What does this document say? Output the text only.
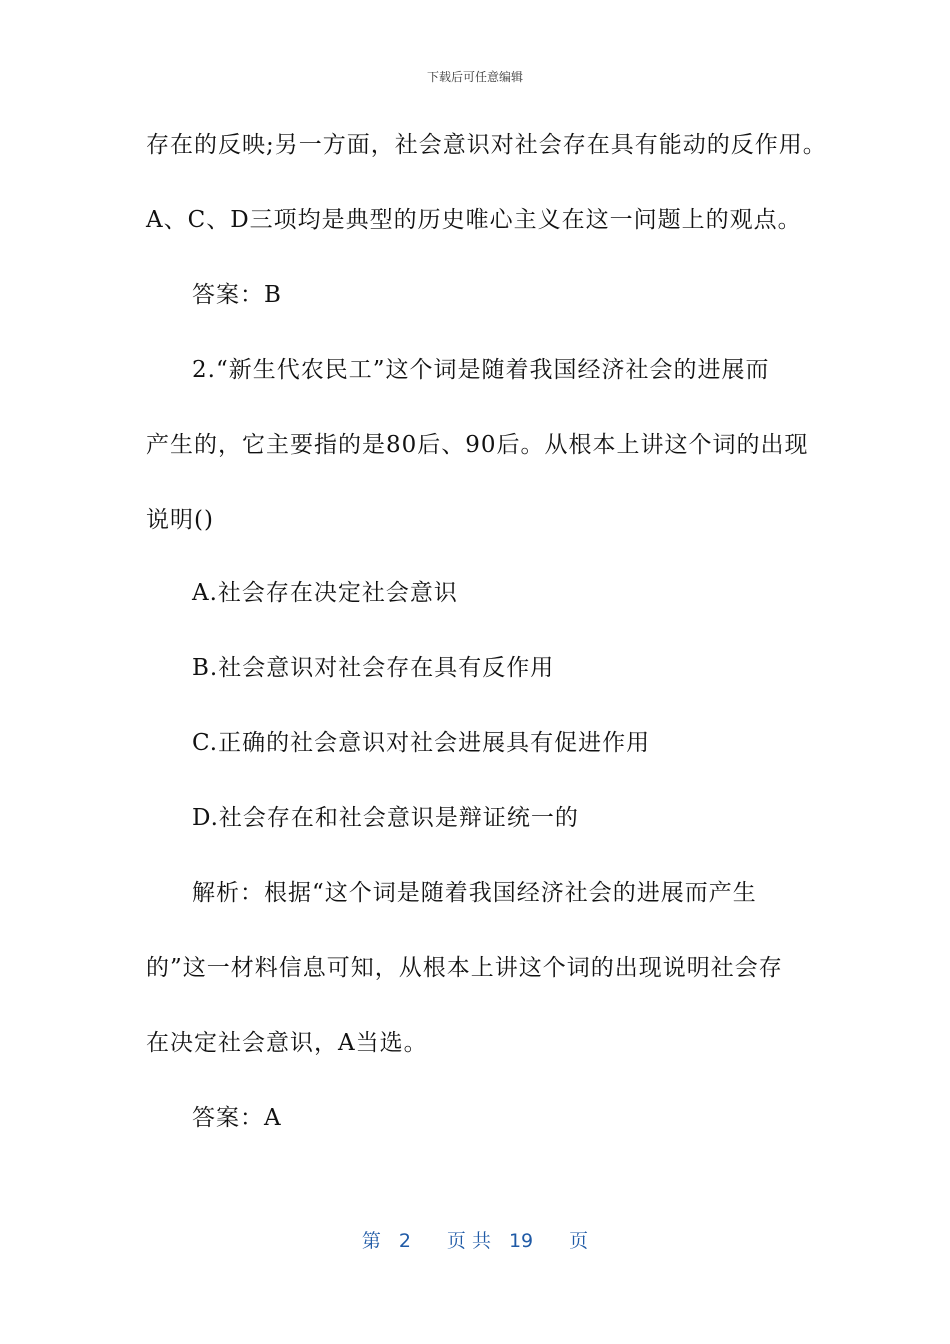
下载后可任意编辑
存在的反映;另一方面，社会意识对社会存在具有能动的反作用。
A、C、D三项均是典型的历史唯心主义在这一问题上的观点。
答案：B
2.“新生代农民工”这个词是随着我国经济社会的进展而
产生的，它主要指的是80后、90后。从根本上讲这个词的出现
说明()
A.社会存在决定社会意识
B.社会意识对社会存在具有反作用
C.正确的社会意识对社会进展具有促进作用
D.社会存在和社会意识是辩证统一的
解析：根据“这个词是随着我国经济社会的进展而产生
的”这一材料信息可知，从根本上讲这个词的出现说明社会存
在决定社会意识，A当选。
答案：A
第 2 页 共 19 页
